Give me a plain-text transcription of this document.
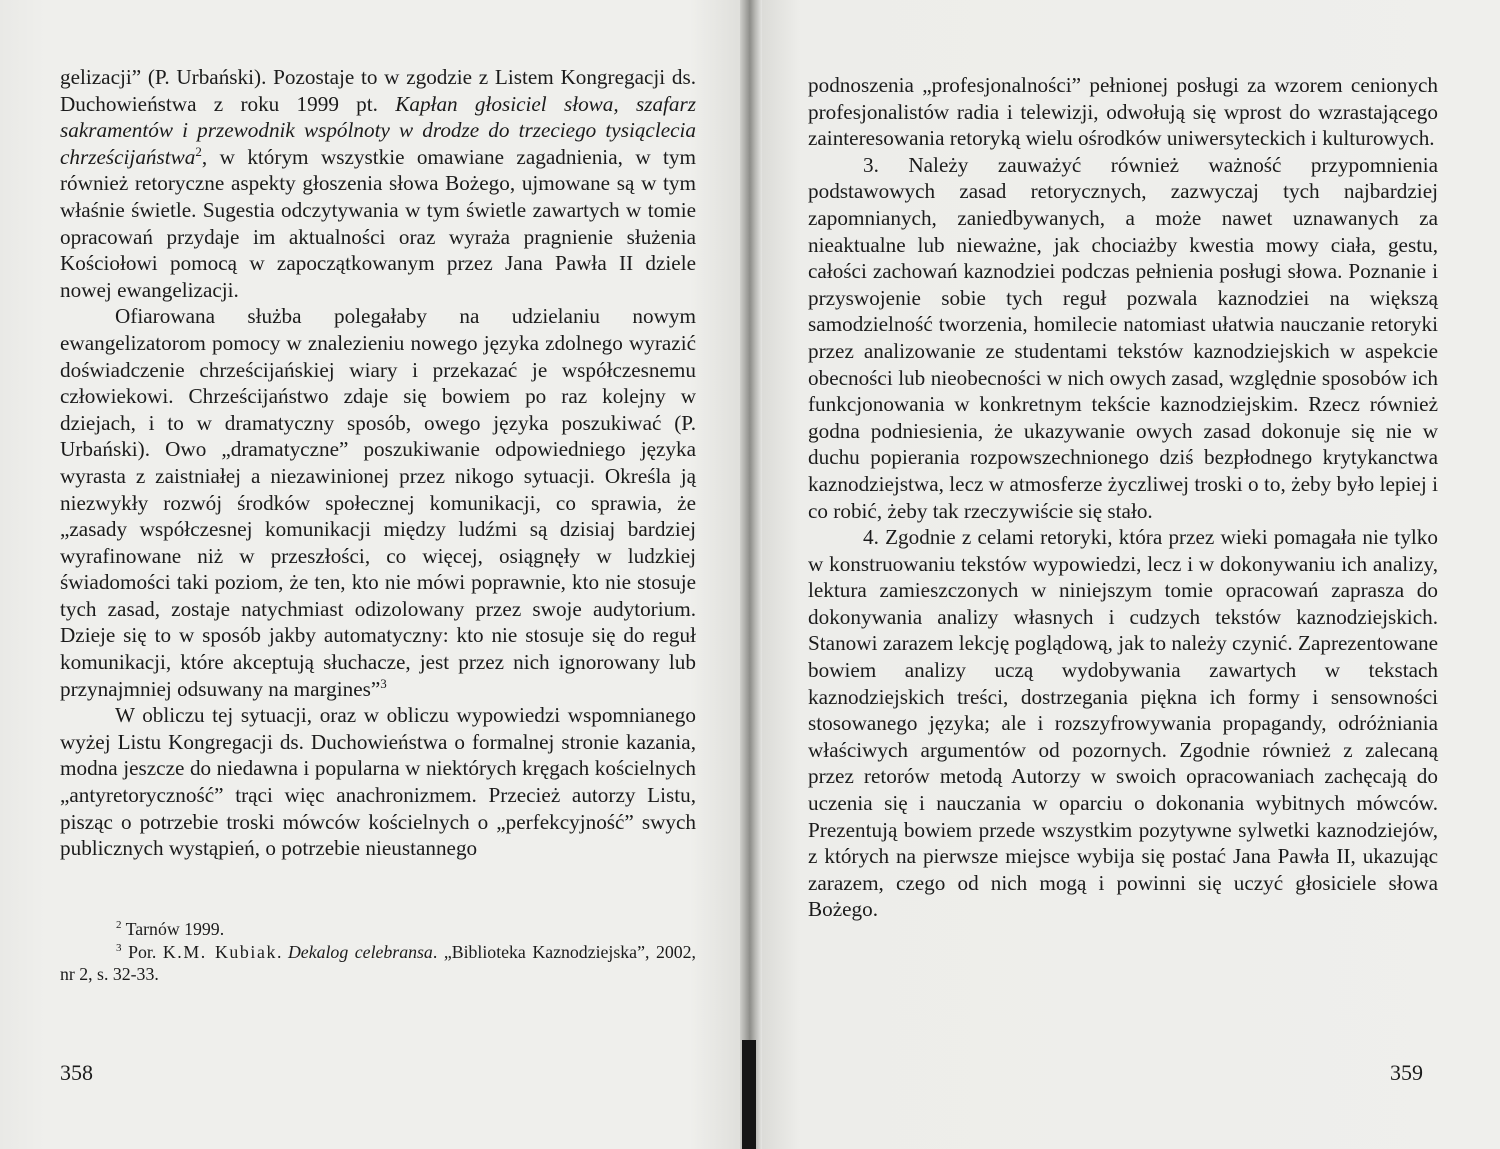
gelizacji” (P. Urbański). Pozostaje to w zgodzie z Listem Kongregacji ds. Duchowieństwa z roku 1999 pt. Kapłan głosiciel słowa, szafarz sakramentów i przewodnik wspólnoty w drodze do trzeciego tysiąclecia chrześcijaństwa$^2$, w którym wszystkie omawiane zagadnienia, w tym również retoryczne aspekty głoszenia słowa Bożego, ujmowane są w tym właśnie świetle. Sugestia odczytywania w tym świetle zawartych w tomie opracowań przydaje im aktualności oraz wyraża pragnienie służenia Kościołowi pomocą w zapoczątkowanym przez Jana Pawła II dziele nowej ewangelizacji.

Ofiarowana służba polegałaby na udzielaniu nowym ewangelizatorom pomocy w znalezieniu nowego języka zdolnego wyrazić doświadczenie chrześcijańskiej wiary i przekazać je współczesnemu człowiekowi. Chrześcijaństwo zdaje się bowiem po raz kolejny w dziejach, i to w dramatyczny sposób, owego języka poszukiwać (P. Urbański). Owo „dramatyczne” poszukiwanie odpowiedniego języka wyrasta z zaistniałej a niezawinionej przez nikogo sytuacji. Określa ją niezwykły rozwój środków społecznej komunikacji, co sprawia, że „zasady współczesnej komunikacji między ludźmi są dzisiaj bardziej wyrafinowane niż w przeszłości, co więcej, osiągnęły w ludzkiej świadomości taki poziom, że ten, kto nie mówi poprawnie, kto nie stosuje tych zasad, zostaje natychmiast odizolowany przez swoje audytorium. Dzieje się to w sposób jakby automatyczny: kto nie stosuje się do reguł komunikacji, które akceptują słuchacze, jest przez nich ignorowany lub przynajmniej odsuwany na margines”$^3$

W obliczu tej sytuacji, oraz w obliczu wypowiedzi wspomnianego wyżej Listu Kongregacji ds. Duchowieństwa o formalnej stronie kazania, modna jeszcze do niedawna i popularna w niektórych kręgach kościelnych „antyretoryczność” trąci więc anachronizmem. Przecież autorzy Listu, pisząc o potrzebie troski mówców kościelnych o „perfekcyjność” swych publicznych wystąpień, o potrzebie nieustannego

$^2$ Tarnów 1999.

$^3$ Por. K.M. Kubiak. Dekalog celebransa. „Biblioteka Kaznodziejska”, 2002, nr 2, s. 32-33.

358

podnoszenia „profesjonalności” pełnionej posługi za wzorem cenionych profesjonalistów radia i telewizji, odwołują się wprost do wzrastającego zainteresowania retoryką wielu ośrodków uniwersyteckich i kulturowych.

3. Należy zauważyć również ważność przypomnienia podstawowych zasad retorycznych, zazwyczaj tych najbardziej zapomnianych, zaniedbywanych, a może nawet uznawanych za nieaktualne lub nieważne, jak chociażby kwestia mowy ciała, gestu, całości zachowań kaznodziei podczas pełnienia posługi słowa. Poznanie i przyswojenie sobie tych reguł pozwala kaznodziei na większą samodzielność tworzenia, homilecie natomiast ułatwia nauczanie retoryki przez analizowanie ze studentami tekstów kaznodziejskich w aspekcie obecności lub nieobecności w nich owych zasad, względnie sposobów ich funkcjonowania w konkretnym tekście kaznodziejskim. Rzecz również godna podniesienia, że ukazywanie owych zasad dokonuje się nie w duchu popierania rozpowszechnionego dziś bezpłodnego krytykanctwa kaznodziejstwa, lecz w atmosferze życzliwej troski o to, żeby było lepiej i co robić, żeby tak rzeczywiście się stało.

4. Zgodnie z celami retoryki, która przez wieki pomagała nie tylko w konstruowaniu tekstów wypowiedzi, lecz i w dokonywaniu ich analizy, lektura zamieszczonych w niniejszym tomie opracowań zaprasza do dokonywania analizy własnych i cudzych tekstów kaznodziejskich. Stanowi zarazem lekcję poglądową, jak to należy czynić. Zaprezentowane bowiem analizy uczą wydobywania zawartych w tekstach kaznodziejskich treści, dostrzegania piękna ich formy i sensowności stosowanego języka; ale i rozszyfrowywania propagandy, odróżniania właściwych argumentów od pozornych. Zgodnie również z zalecaną przez retorów metodą Autorzy w swoich opracowaniach zachęcają do uczenia się i nauczania w oparciu o dokonania wybitnych mówców. Prezentują bowiem przede wszystkim pozytywne sylwetki kaznodziejów, z których na pierwsze miejsce wybija się postać Jana Pawła II, ukazując zarazem, czego od nich mogą i powinni się uczyć głosiciele słowa Bożego.

359
